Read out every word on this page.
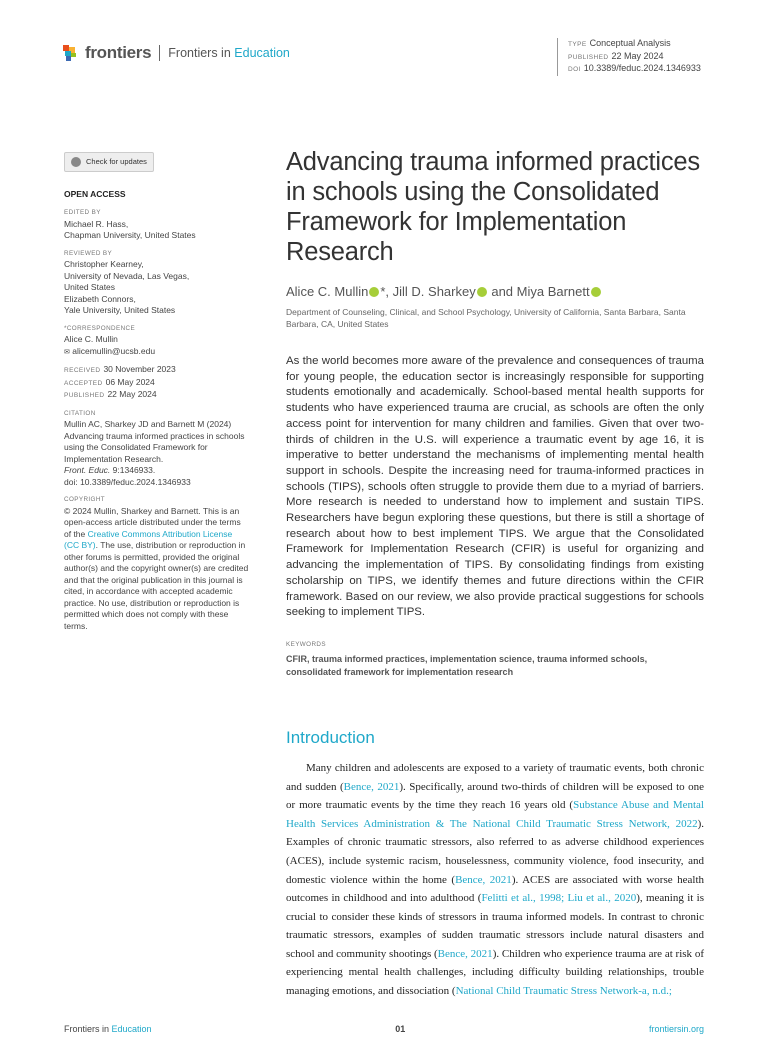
frontiers Frontiers in Education
TYPE Conceptual Analysis
PUBLISHED 22 May 2024
DOI 10.3389/feduc.2024.1346933
Check for updates
OPEN ACCESS
EDITED BY
Michael R. Hass,
Chapman University, United States
REVIEWED BY
Christopher Kearney,
University of Nevada, Las Vegas,
United States
Elizabeth Connors,
Yale University, United States
*CORRESPONDENCE
Alice C. Mullin
✉ alicemullin@ucsb.edu
RECEIVED 30 November 2023
ACCEPTED 06 May 2024
PUBLISHED 22 May 2024
CITATION
Mullin AC, Sharkey JD and Barnett M (2024) Advancing trauma informed practices in schools using the Consolidated Framework for Implementation Research.
Front. Educ. 9:1346933.
doi: 10.3389/feduc.2024.1346933
COPYRIGHT
© 2024 Mullin, Sharkey and Barnett. This is an open-access article distributed under the terms of the Creative Commons Attribution License (CC BY). The use, distribution or reproduction in other forums is permitted, provided the original author(s) and the copyright owner(s) are credited and that the original publication in this journal is cited, in accordance with accepted academic practice. No use, distribution or reproduction is permitted which does not comply with these terms.
Advancing trauma informed practices in schools using the Consolidated Framework for Implementation Research
Alice C. Mullin *, Jill D. Sharkey and Miya Barnett
Department of Counseling, Clinical, and School Psychology, University of California, Santa Barbara, Santa Barbara, CA, United States
As the world becomes more aware of the prevalence and consequences of trauma for young people, the education sector is increasingly responsible for supporting students emotionally and academically. School-based mental health supports for students who have experienced trauma are crucial, as schools are often the only access point for intervention for many children and families. Given that over two-thirds of children in the U.S. will experience a traumatic event by age 16, it is imperative to better understand the mechanisms of implementing mental health support in schools. Despite the increasing need for trauma-informed practices in schools (TIPS), schools often struggle to provide them due to a myriad of barriers. More research is needed to understand how to implement and sustain TIPS. Researchers have begun exploring these questions, but there is still a shortage of research about how to best implement TIPS. We argue that the Consolidated Framework for Implementation Research (CFIR) is useful for organizing and advancing the implementation of TIPS. By consolidating findings from existing scholarship on TIPS, we identify themes and future directions within the CFIR framework. Based on our review, we also provide practical suggestions for schools seeking to implement TIPS.
KEYWORDS
CFIR, trauma informed practices, implementation science, trauma informed schools, consolidated framework for implementation research
Introduction
Many children and adolescents are exposed to a variety of traumatic events, both chronic and sudden (Bence, 2021). Specifically, around two-thirds of children will be exposed to one or more traumatic events by the time they reach 16 years old (Substance Abuse and Mental Health Services Administration & The National Child Traumatic Stress Network, 2022). Examples of chronic traumatic stressors, also referred to as adverse childhood experiences (ACES), include systemic racism, houselessness, community violence, food insecurity, and domestic violence within the home (Bence, 2021). ACES are associated with worse health outcomes in childhood and into adulthood (Felitti et al., 1998; Liu et al., 2020), meaning it is crucial to consider these kinds of stressors in trauma informed models. In contrast to chronic traumatic stressors, examples of sudden traumatic stressors include natural disasters and school and community shootings (Bence, 2021). Children who experience trauma are at risk of experiencing mental health challenges, including difficulty building relationships, trouble managing emotions, and dissociation (National Child Traumatic Stress Network-a, n.d.;
Frontiers in Education	01	frontiersin.org
